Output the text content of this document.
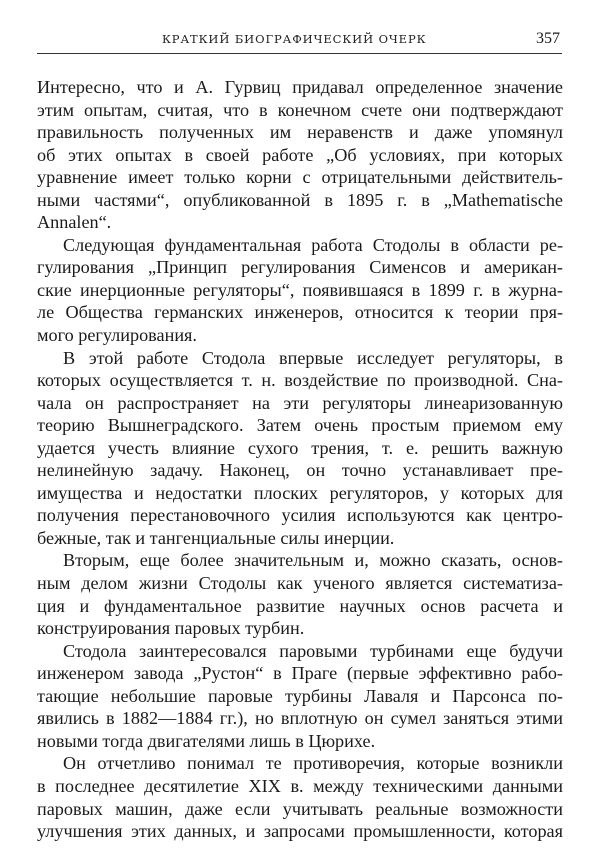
КРАТКИЙ БИОГРАФИЧЕСКИЙ ОЧЕРК	357

Интересно, что и А. Гурвиц придавал определенное значение
этим опытам, считая, что в конечном счете они подтверждают
правильность полученных им неравенств и даже упомянул
об этих опытах в своей работе „Об условиях, при которых
уравнение имеет только корни с отрицательными действитель-
ными частями“, опубликованной в 1895 г. в „Mathematische
Annalen“.

Следующая фундаментальная работа Стодолы в области ре-
гулирования „Принцип регулирования Сименсов и американ-
ские инерционные регуляторы“, появившаяся в 1899 г. в журна-
ле Общества германских инженеров, относится к теории пря-
мого регулирования.

В этой работе Стодола впервые исследует регуляторы, в
которых осуществляется т. н. воздействие по производной. Сна-
чала он распространяет на эти регуляторы линеаризованную
теорию Вышнеградского. Затем очень простым приемом ему
удается учесть влияние сухого трения, т. е. решить важную
нелинейную задачу. Наконец, он точно устанавливает пре-
имущества и недостатки плоских регуляторов, у которых для
получения перестановочного усилия используются как центро-
бежные, так и тангенциальные силы инерции.

Вторым, еще более значительным и, можно сказать, основ-
ным делом жизни Стодолы как ученого является систематиза-
ция и фундаментальное развитие научных основ расчета и
конструирования паровых турбин.

Стодола заинтересовался паровыми турбинами еще будучи
инженером завода „Рустон“ в Праге (первые эффективно рабо-
тающие небольшие паровые турбины Лаваля и Парсонса по-
явились в 1882—1884 гг.), но вплотную он сумел заняться этими
новыми тогда двигателями лишь в Цюрихе.

Он отчетливо понимал те противоречия, которые возникли
в последнее десятилетие XIX в. между техническими данными
паровых машин, даже если учитывать реальные возможности
улучшения этих данных, и запросами промышленности, которая
